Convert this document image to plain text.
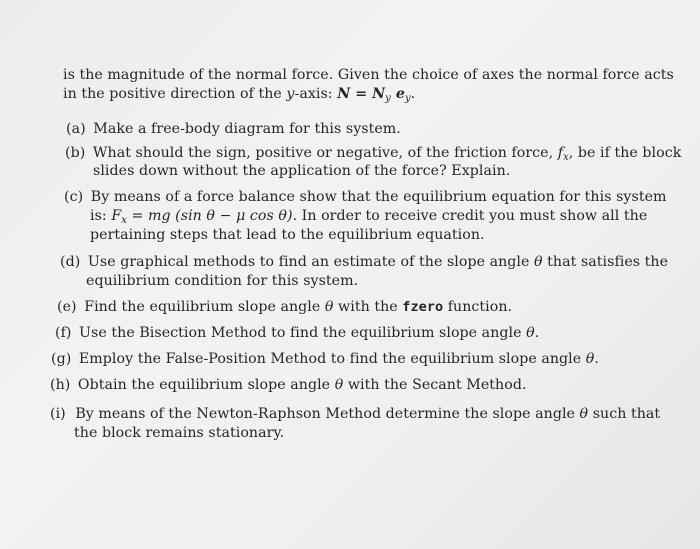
is the magnitude of the normal force. Given the choice of axes the normal force acts
in the positive direction of the y-axis: $N = N_y$ $e_y$.
(a) Make a free-body diagram for this system.
(b) What should the sign, positive or negative, of the friction force, $f_x$, be if the block
slides down without the application of the force? Explain.
(c) By means of a force balance show that the equilibrium equation for this system
is: $F_x$ = mg (sin θ − μ cos θ). In order to receive credit you must show all the
pertaining steps that lead to the equilibrium equation.
(d) Use graphical methods to find an estimate of the slope angle θ that satisfies the
equilibrium condition for this system.
(e) Find the equilibrium slope angle θ with the fzero function.
(f) Use the Bisection Method to find the equilibrium slope angle θ.
(g) Employ the False-Position Method to find the equilibrium slope angle θ.
(h) Obtain the equilibrium slope angle θ with the Secant Method.
(i) By means of the Newton-Raphson Method determine the slope angle θ such that
the block remains stationary.
